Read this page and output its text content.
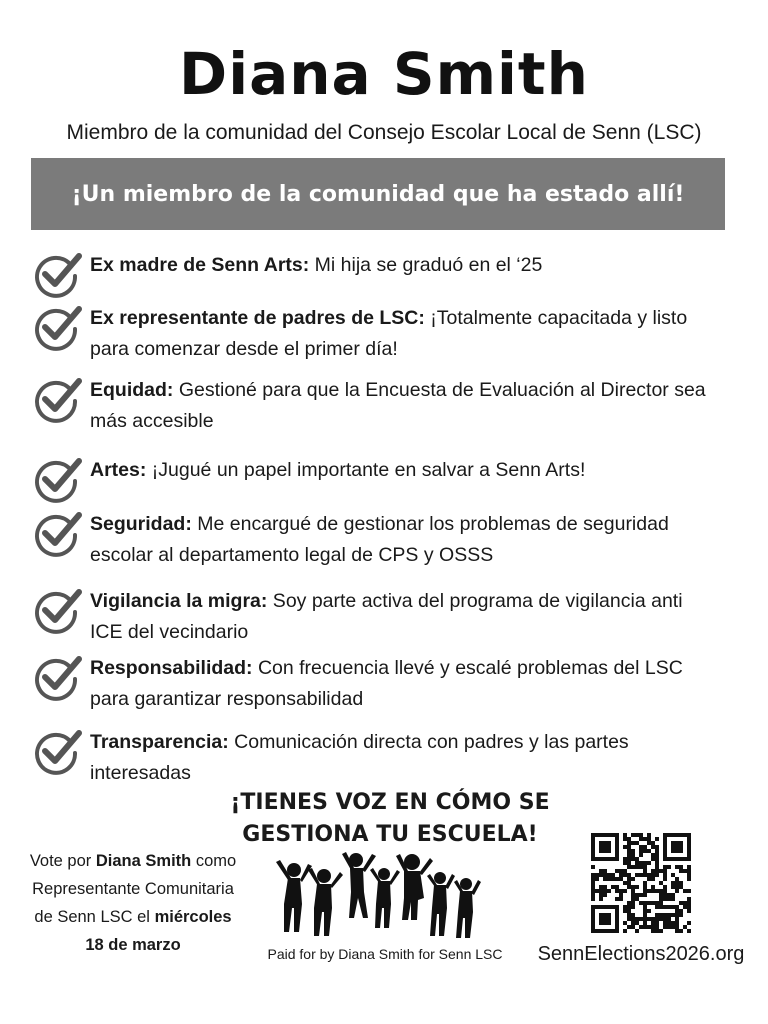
Diana Smith
Miembro de la comunidad del Consejo Escolar Local de Senn (LSC)
¡Un miembro de la comunidad que ha estado allí!
Ex madre de Senn Arts: Mi hija se graduó en el ‘25
Ex representante de padres de LSC: ¡Totalmente capacitada y listo para comenzar desde el primer día!
Equidad: Gestioné para que la Encuesta de Evaluación al Director sea más accesible
Artes: ¡Jugué un papel importante en salvar a Senn Arts!
Seguridad: Me encargué de gestionar los problemas de seguridad escolar al departamento legal de CPS y OSSS
Vigilancia la migra: Soy parte activa del programa de vigilancia anti ICE del vecindario
Responsabilidad: Con frecuencia llevé y escalé problemas del LSC para garantizar responsabilidad
Transparencia: Comunicación directa con padres y las partes interesadas
¡TIENES VOZ EN CÓMO SE
GESTIONA TU ESCUELA!
Vote por Diana Smith como Representante Comunitaria de Senn LSC el miércoles 18 de marzo	Paid for by Diana Smith for Senn LSC	SennElections2026.org
